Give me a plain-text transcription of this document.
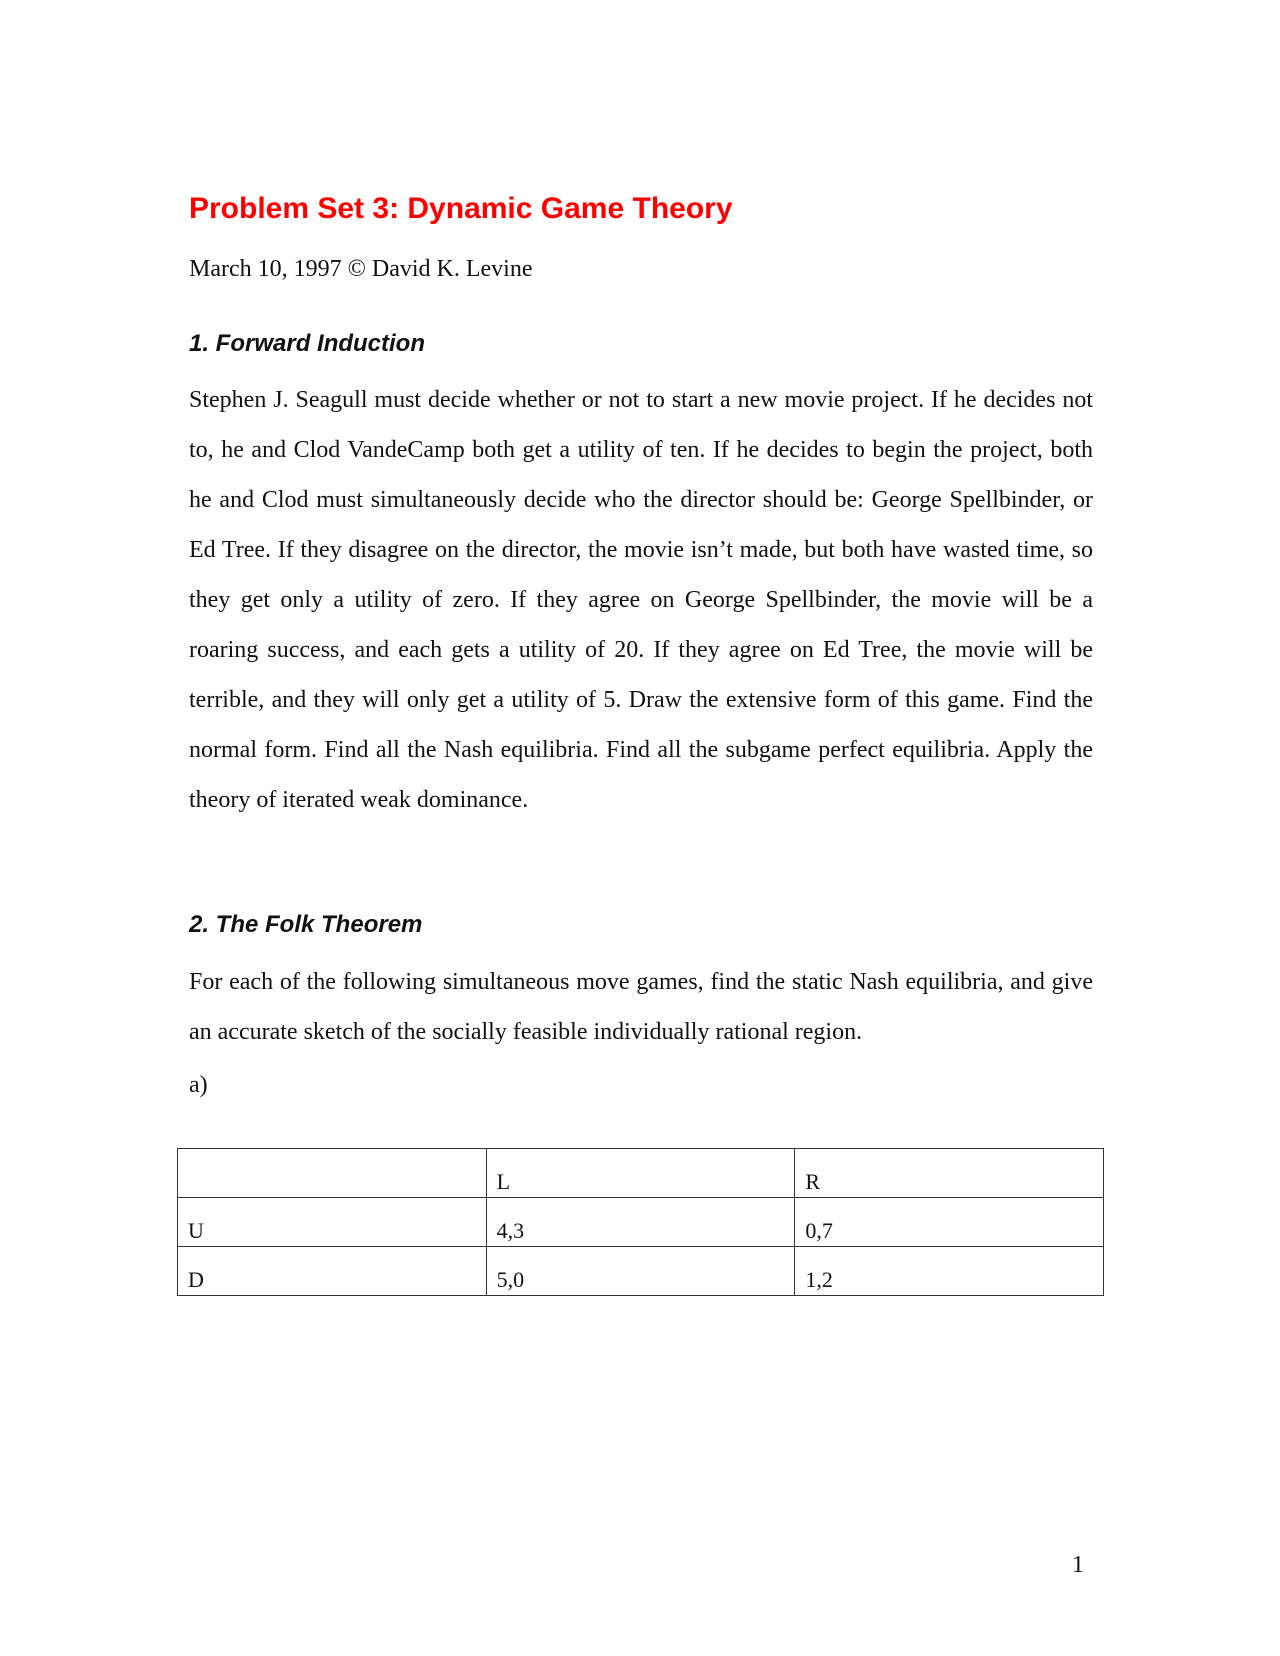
Problem Set 3: Dynamic Game Theory

March 10, 1997 © David K. Levine

1. Forward Induction

Stephen J. Seagull must decide whether or not to start a new movie project. If he decides not to, he and Clod VandeCamp both get a utility of ten. If he decides to begin the project, both he and Clod must simultaneously decide who the director should be: George Spellbinder, or Ed Tree. If they disagree on the director, the movie isn’t made, but both have wasted time, so they get only a utility of zero. If they agree on George Spellbinder, the movie will be a roaring success, and each gets a utility of 20. If they agree on Ed Tree, the movie will be terrible, and they will only get a utility of 5. Draw the extensive form of this game. Find the normal form. Find all the Nash equilibria. Find all the subgame perfect equilibria. Apply the theory of iterated weak dominance.

2. The Folk Theorem

For each of the following simultaneous move games, find the static Nash equilibria, and give an accurate sketch of the socially feasible individually rational region.

a)

	L	R
U	4,3	0,7
D	5,0	1,2
1
